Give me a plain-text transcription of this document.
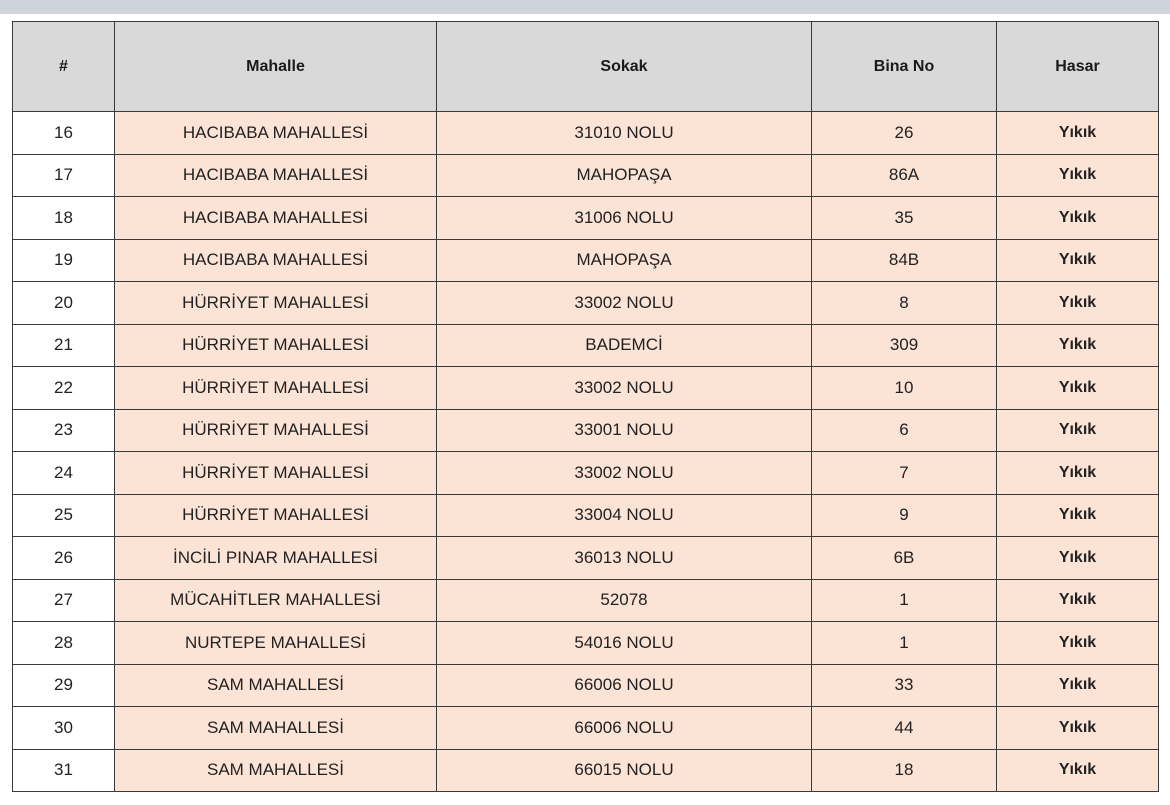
#	Mahalle	Sokak	Bina No	Hasar
16	HACIBABA MAHALLESİ	31010 NOLU	26	Yıkık
17	HACIBABA MAHALLESİ	MAHOPAŞA	86A	Yıkık
18	HACIBABA MAHALLESİ	31006 NOLU	35	Yıkık
19	HACIBABA MAHALLESİ	MAHOPAŞA	84B	Yıkık
20	HÜRRİYET MAHALLESİ	33002 NOLU	8	Yıkık
21	HÜRRİYET MAHALLESİ	BADEMCİ	309	Yıkık
22	HÜRRİYET MAHALLESİ	33002 NOLU	10	Yıkık
23	HÜRRİYET MAHALLESİ	33001 NOLU	6	Yıkık
24	HÜRRİYET MAHALLESİ	33002 NOLU	7	Yıkık
25	HÜRRİYET MAHALLESİ	33004 NOLU	9	Yıkık
26	İNCİLİ PINAR MAHALLESİ	36013 NOLU	6B	Yıkık
27	MÜCAHİTLER MAHALLESİ	52078	1	Yıkık
28	NURTEPE MAHALLESİ	54016 NOLU	1	Yıkık
29	SAM MAHALLESİ	66006 NOLU	33	Yıkık
30	SAM MAHALLESİ	66006 NOLU	44	Yıkık
31	SAM MAHALLESİ	66015 NOLU	18	Yıkık
